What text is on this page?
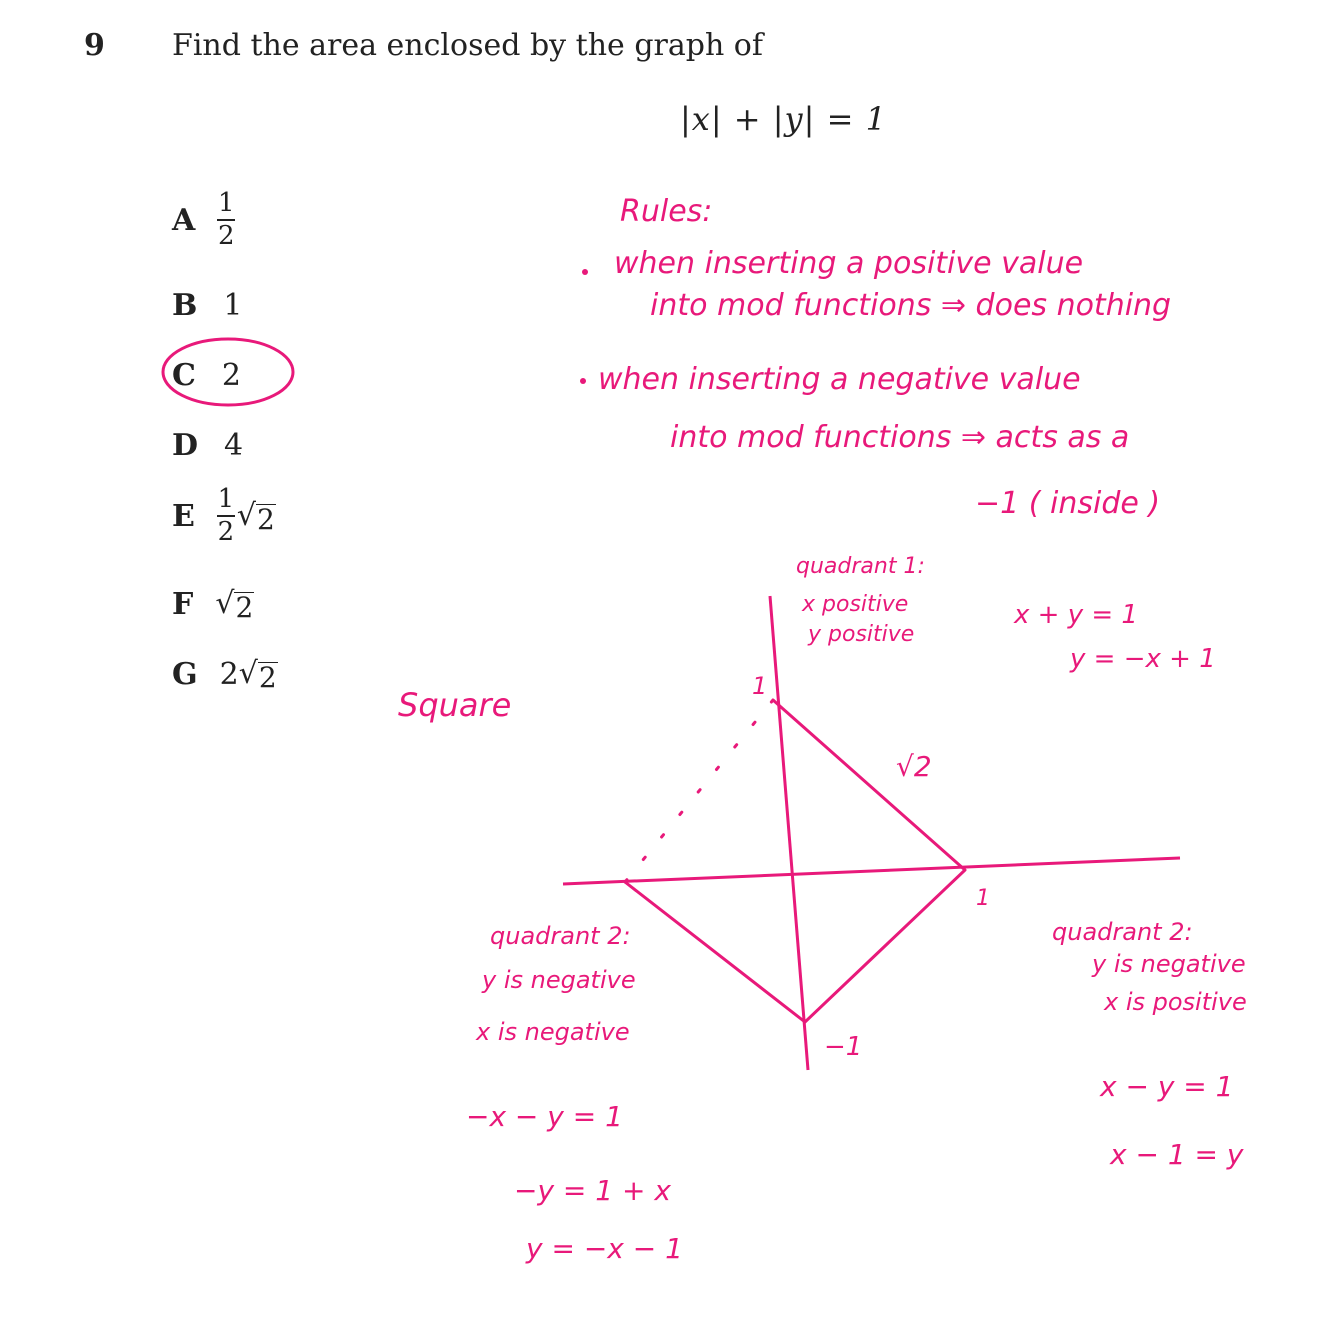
9 Find the area enclosed by the graph of
|x| + |y| = 1
A $\frac{1}{2}$
B 1
C 2
D 4
E $\frac{1}{2}$ √ 2
F √ 2
G 2 √ 2
Rules:
when inserting a positive value
into mod functions ⇒ does nothing
when inserting a negative value
into mod functions ⇒ acts as a
−1 ( inside )
Square
quadrant 1:
x positive
y positive
x + y = 1
y = −x + 1
√2
1
1
−1
quadrant 2:
y is negative
x is negative
−x − y = 1
−y = 1 + x
y = −x − 1
quadrant 2:
y is negative
x is positive
x − y = 1
x − 1 = y
